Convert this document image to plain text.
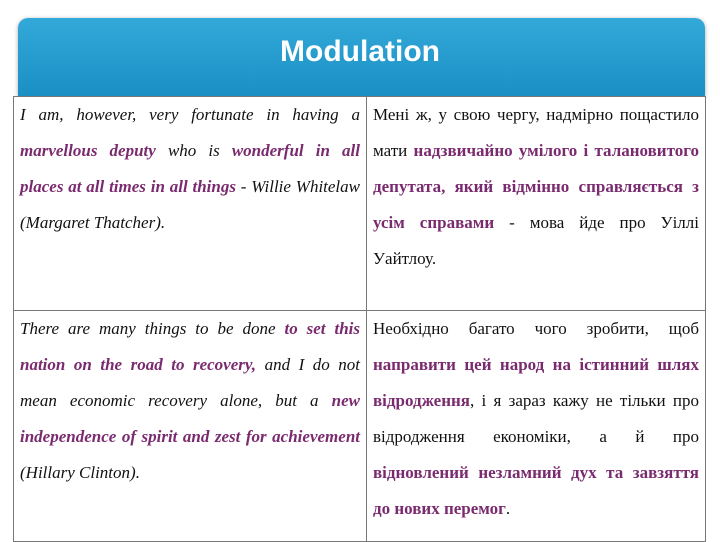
Modulation
I am, however, very fortunate in having a marvellous deputy who is wonderful in all places at all times in all things - Willie Whitelaw (Margaret Thatcher).	Мені ж, у свою чергу, надмірно пощастило мати надзвичайно умілого і талановитого депутата, який відмінно справляється з усім справами - мова йде про Уіллі Уайтлоу.
There are many things to be done to set this nation on the road to recovery, and I do not mean economic recovery alone, but a new independence of spirit and zest for achievement (Hillary Clinton).	Необхідно багато чого зробити, щоб направити цей народ на істинний шлях відродження, і я зараз кажу не тільки про відродження економіки, а й про відновлений незламний дух та завзяття до нових перемог.
